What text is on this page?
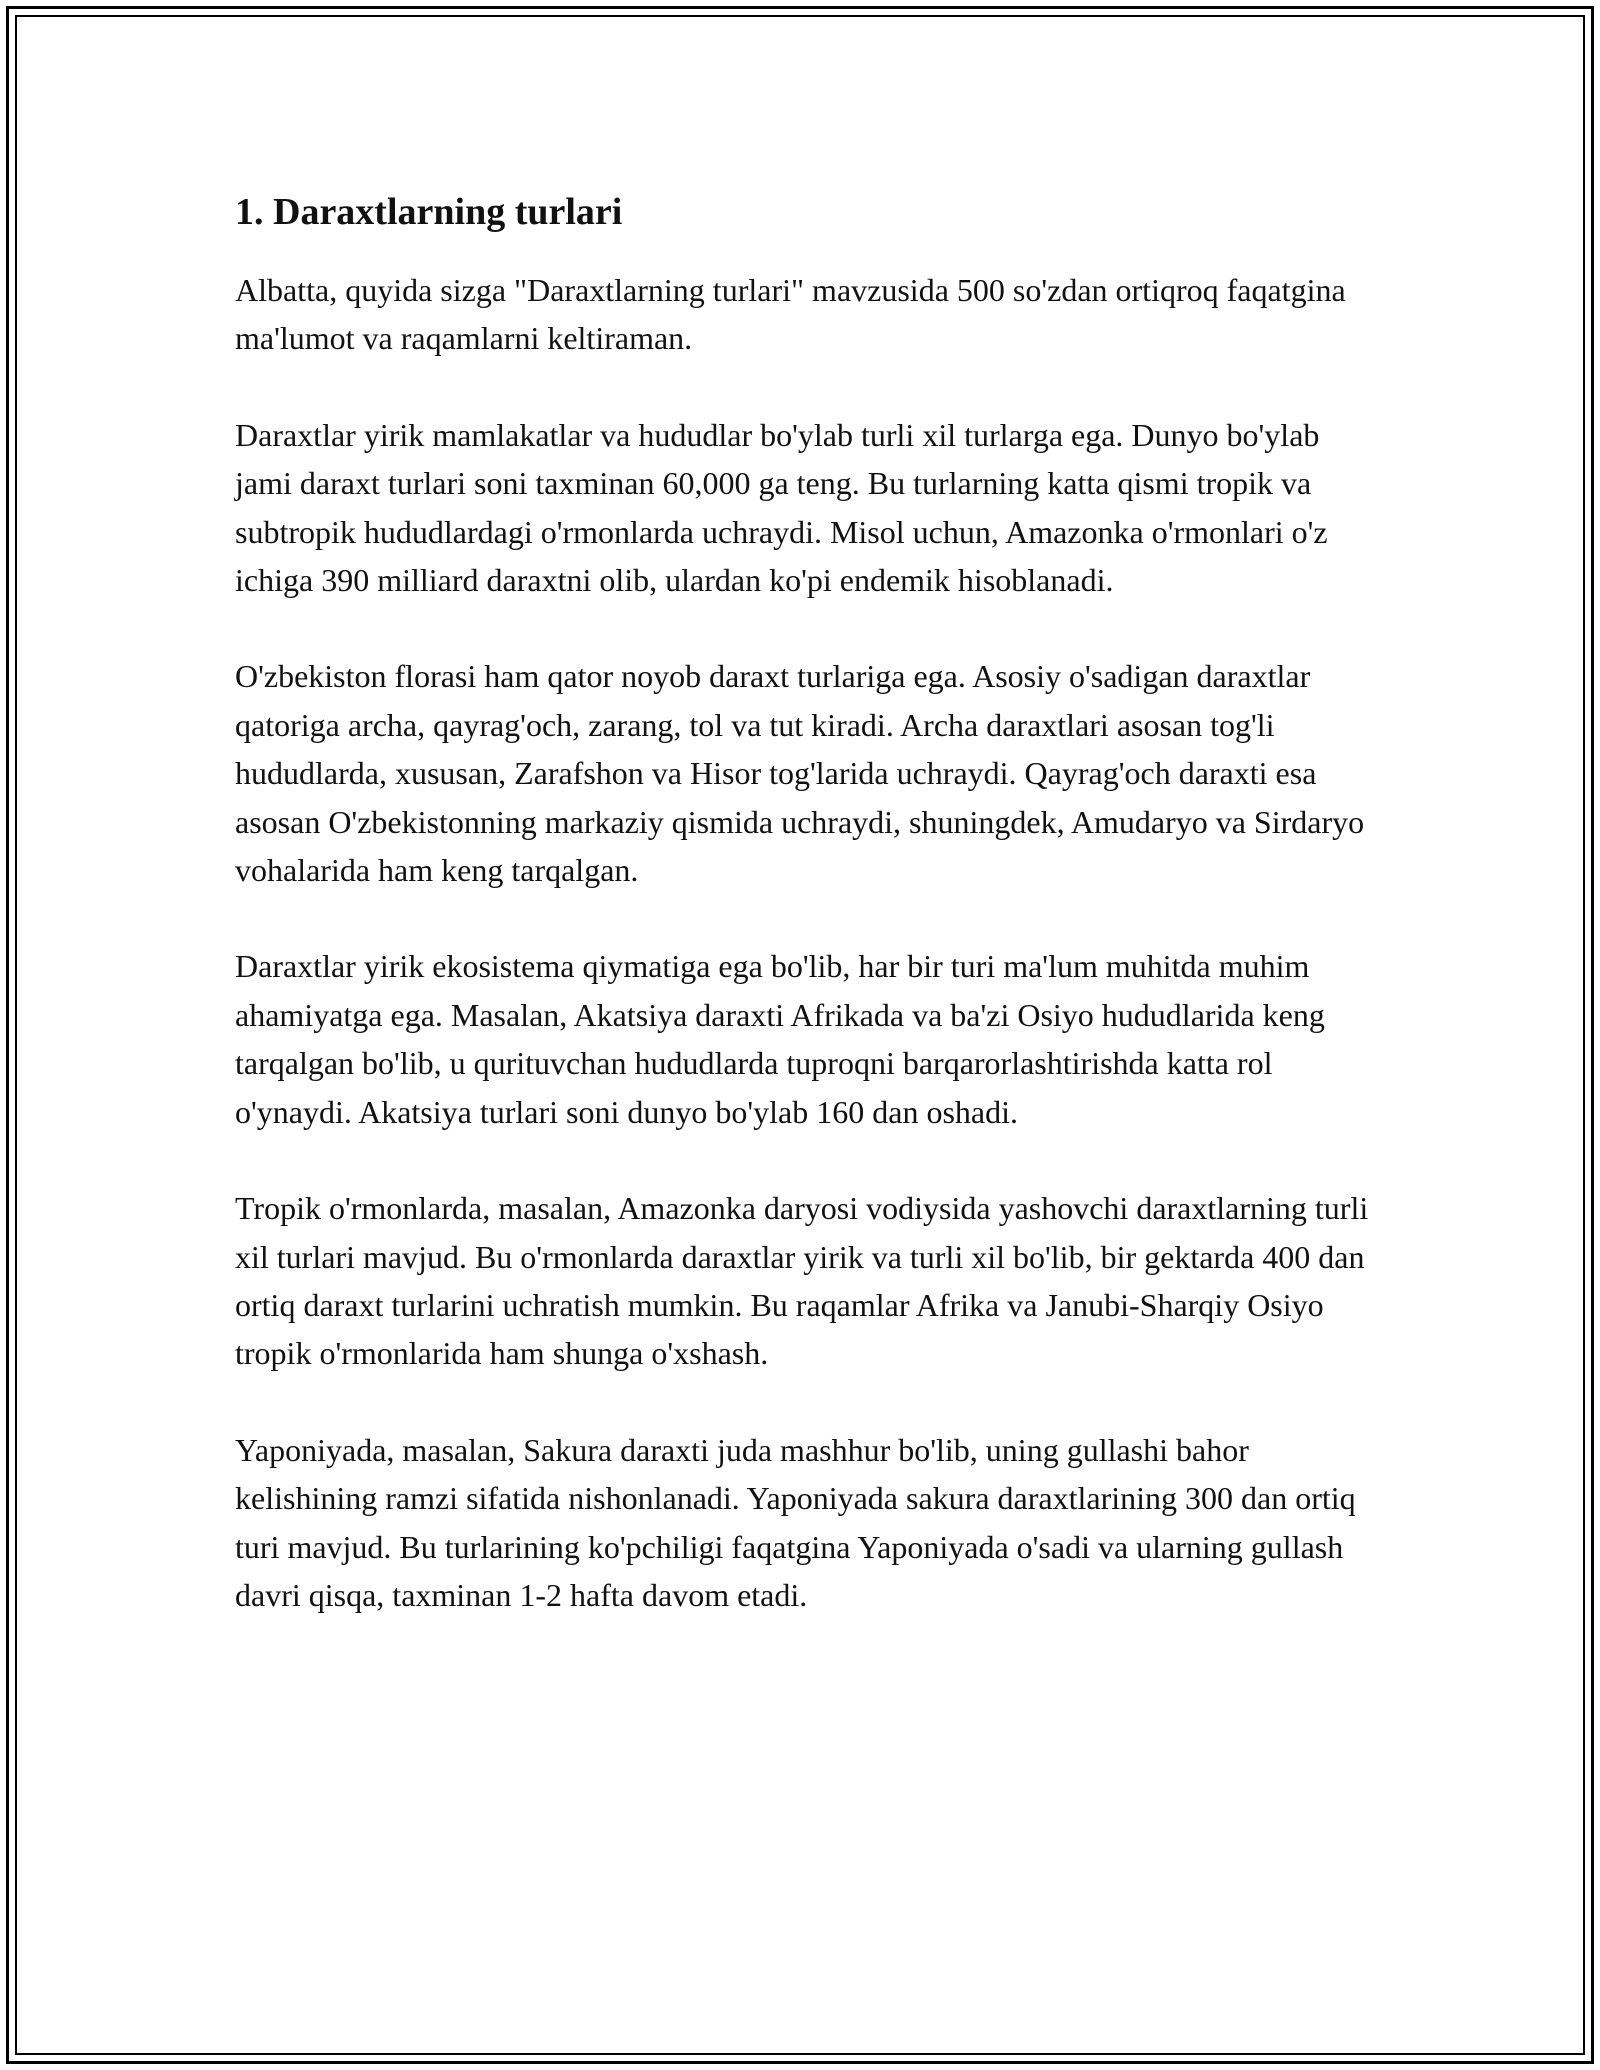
1. Daraxtlarning turlari

Albatta, quyida sizga "Daraxtlarning turlari" mavzusida 500 so'zdan ortiqroq faqatgina ma'lumot va raqamlarni keltiraman.

Daraxtlar yirik mamlakatlar va hududlar bo'ylab turli xil turlarga ega. Dunyo bo'ylab jami daraxt turlari soni taxminan 60,000 ga teng. Bu turlarning katta qismi tropik va subtropik hududlardagi o'rmonlarda uchraydi. Misol uchun, Amazonka o'rmonlari o'z ichiga 390 milliard daraxtni olib, ulardan ko'pi endemik hisoblanadi.

O'zbekiston florasi ham qator noyob daraxt turlariga ega. Asosiy o'sadigan daraxtlar qatoriga archa, qayrag'och, zarang, tol va tut kiradi. Archa daraxtlari asosan tog'li hududlarda, xususan, Zarafshon va Hisor tog'larida uchraydi. Qayrag'och daraxti esa asosan O'zbekistonning markaziy qismida uchraydi, shuningdek, Amudaryo va Sirdaryo vohalarida ham keng tarqalgan.

Daraxtlar yirik ekosistema qiymatiga ega bo'lib, har bir turi ma'lum muhitda muhim ahamiyatga ega. Masalan, Akatsiya daraxti Afrikada va ba'zi Osiyo hududlarida keng tarqalgan bo'lib, u qurituvchan hududlarda tuproqni barqarorlashtirishda katta rol o'ynaydi. Akatsiya turlari soni dunyo bo'ylab 160 dan oshadi.

Tropik o'rmonlarda, masalan, Amazonka daryosi vodiysida yashovchi daraxtlarning turli xil turlari mavjud. Bu o'rmonlarda daraxtlar yirik va turli xil bo'lib, bir gektarda 400 dan ortiq daraxt turlarini uchratish mumkin. Bu raqamlar Afrika va Janubi-Sharqiy Osiyo tropik o'rmonlarida ham shunga o'xshash.

Yaponiyada, masalan, Sakura daraxti juda mashhur bo'lib, uning gullashi bahor kelishining ramzi sifatida nishonlanadi. Yaponiyada sakura daraxtlarining 300 dan ortiq turi mavjud. Bu turlarining ko'pchiligi faqatgina Yaponiyada o'sadi va ularning gullash davri qisqa, taxminan 1-2 hafta davom etadi.
